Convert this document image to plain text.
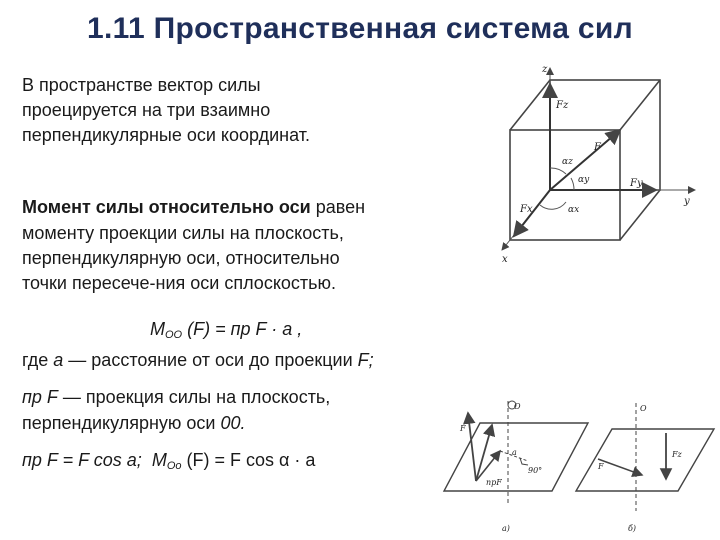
1.11 Пространственная система сил
В пространстве вектор силы
проецируется на три взаимно
перпендикулярные оси координат.
Момент силы относительно оси равен
моменту проекции силы на плоскость,
перпендикулярную оси, относительно
точки пересече-ния оси сплоскостью.
$M_{OO}$ (F) = пр F · a ,
где a — расстояние от оси до проекции F;
пр F — проекция силы на плоскость,
перпендикулярную оси 00.
пр F = F cos a; $M_{Oo}$ (F) = F cos α · a
z
y
x
F
Fz
Fy
Fx
αz
αy
αx
O
F
прF
90°
a
a)
O
Fz
F
б)
